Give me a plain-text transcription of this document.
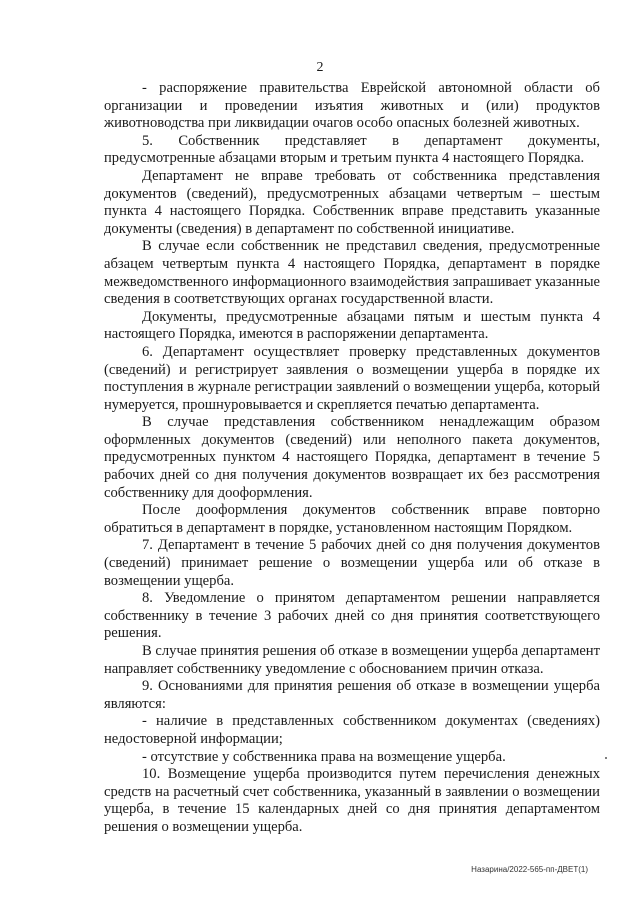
2

- распоряжение правительства Еврейской автономной области об организации и проведении изъятия животных и (или) продуктов животноводства при ликвидации очагов особо опасных болезней животных.

5. Собственник представляет в департамент документы, предусмотренные абзацами вторым и третьим пункта 4 настоящего Порядка.

Департамент не вправе требовать от собственника представления документов (сведений), предусмотренных абзацами четвертым – шестым пункта 4 настоящего Порядка. Собственник вправе представить указанные документы (сведения) в департамент по собственной инициативе.

В случае если собственник не представил сведения, предусмотренные абзацем четвертым пункта 4 настоящего Порядка, департамент в порядке межведомственного информационного взаимодействия запрашивает указанные сведения в соответствующих органах государственной власти.

Документы, предусмотренные абзацами пятым и шестым пункта 4 настоящего Порядка, имеются в распоряжении департамента.

6. Департамент осуществляет проверку представленных документов (сведений) и регистрирует заявления о возмещении ущерба в порядке их поступления в журнале регистрации заявлений о возмещении ущерба, который нумеруется, прошнуровывается и скрепляется печатью департамента.

В случае представления собственником ненадлежащим образом оформленных документов (сведений) или неполного пакета документов, предусмотренных пунктом 4 настоящего Порядка, департамент в течение 5 рабочих дней со дня получения документов возвращает их без рассмотрения собственнику для дооформления.

После дооформления документов собственник вправе повторно обратиться в департамент в порядке, установленном настоящим Порядком.

7. Департамент в течение 5 рабочих дней со дня получения документов (сведений) принимает решение о возмещении ущерба или об отказе в возмещении ущерба.

8. Уведомление о принятом департаментом решении направляется собственнику в течение 3 рабочих дней со дня принятия соответствующего решения.

В случае принятия решения об отказе в возмещении ущерба департамент направляет собственнику уведомление с обоснованием причин отказа.

9. Основаниями для принятия решения об отказе в возмещении ущерба являются:

- наличие в представленных собственником документах (сведениях) недостоверной информации;

- отсутствие у собственника права на возмещение ущерба.

10. Возмещение ущерба производится путем перечисления денежных средств на расчетный счет собственника, указанный в заявлении о возмещении ущерба, в течение 15 календарных дней со дня принятия департаментом решения о возмещении ущерба.

Назарина/2022-565-пп-ДВЕТ(1)
